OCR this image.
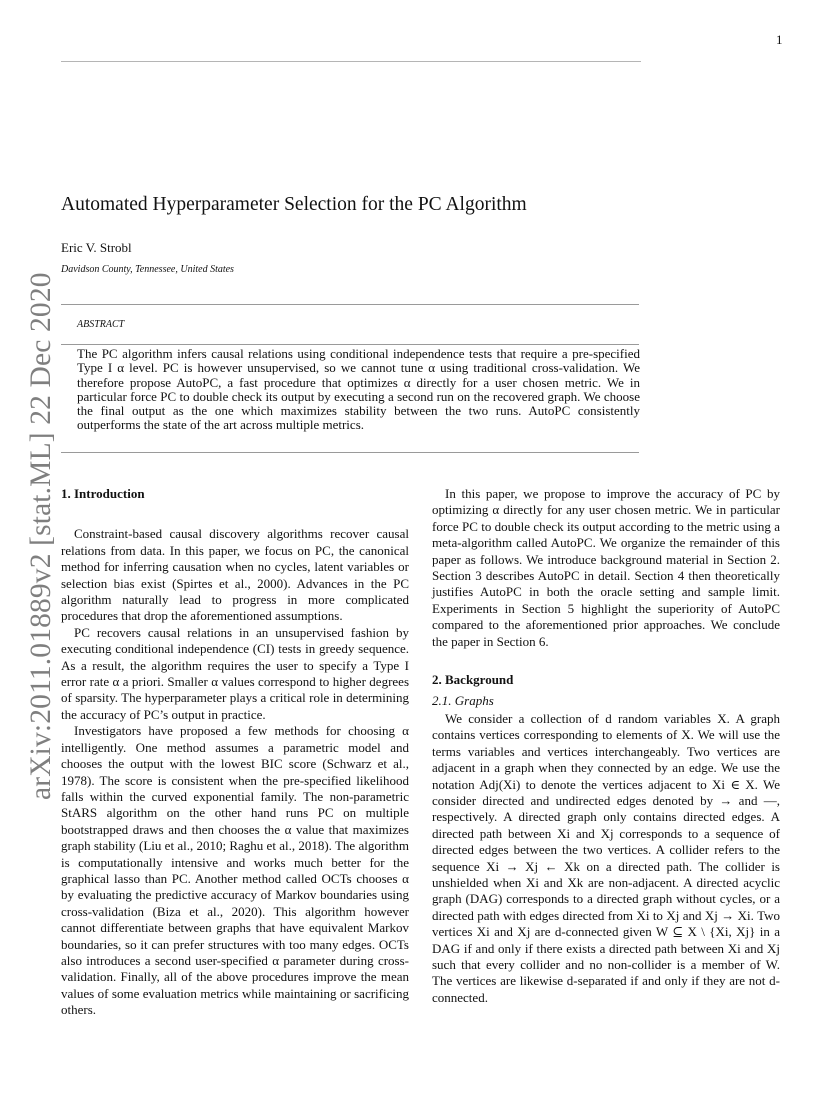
1
arXiv:2011.01889v2 [stat.ML] 22 Dec 2020
Automated Hyperparameter Selection for the PC Algorithm
Eric V. Strobl
Davidson County, Tennessee, United States
ABSTRACT
The PC algorithm infers causal relations using conditional independence tests that require a pre-specified Type I α level. PC is however unsupervised, so we cannot tune α using traditional cross-validation. We therefore propose AutoPC, a fast procedure that optimizes α directly for a user chosen metric. We in particular force PC to double check its output by executing a second run on the recovered graph. We choose the final output as the one which maximizes stability between the two runs. AutoPC consistently outperforms the state of the art across multiple metrics.
1. Introduction

Constraint-based causal discovery algorithms recover causal relations from data. In this paper, we focus on PC, the canonical method for inferring causation when no cycles, latent variables or selection bias exist (Spirtes et al., 2000). Advances in the PC algorithm naturally lead to progress in more complicated procedures that drop the aforementioned assumptions.

PC recovers causal relations in an unsupervised fashion by executing conditional independence (CI) tests in greedy sequence. As a result, the algorithm requires the user to specify a Type I error rate α a priori. Smaller α values correspond to higher degrees of sparsity. The hyperparameter plays a critical role in determining the accuracy of PC’s output in practice.

Investigators have proposed a few methods for choosing α intelligently. One method assumes a parametric model and chooses the output with the lowest BIC score (Schwarz et al., 1978). The score is consistent when the pre-specified likelihood falls within the curved exponential family. The non-parametric StARS algorithm on the other hand runs PC on multiple bootstrapped draws and then chooses the α value that maximizes graph stability (Liu et al., 2010; Raghu et al., 2018). The algorithm is computationally intensive and works much better for the graphical lasso than PC. Another method called OCTs chooses α by evaluating the predictive accuracy of Markov boundaries using cross-validation (Biza et al., 2020). This algorithm however cannot differentiate between graphs that have equivalent Markov boundaries, so it can prefer structures with too many edges. OCTs also introduces a second user-specified α parameter during cross-validation. Finally, all of the above procedures improve the mean values of some evaluation metrics while maintaining or sacrificing others.

In this paper, we propose to improve the accuracy of PC by optimizing α directly for any user chosen metric. We in particular force PC to double check its output according to the metric using a meta-algorithm called AutoPC. We organize the remainder of this paper as follows. We introduce background material in Section 2. Section 3 describes AutoPC in detail. Section 4 then theoretically justifies AutoPC in both the oracle setting and sample limit. Experiments in Section 5 highlight the superiority of AutoPC compared to the aforementioned prior approaches. We conclude the paper in Section 6.

2. Background
2.1. Graphs

We consider a collection of d random variables X. A graph contains vertices corresponding to elements of X. We will use the terms variables and vertices interchangeably. Two vertices are adjacent in a graph when they connected by an edge. We use the notation Adj(Xi) to denote the vertices adjacent to Xi ∈ X. We consider directed and undirected edges denoted by → and —, respectively. A directed graph only contains directed edges. A directed path between Xi and Xj corresponds to a sequence of directed edges between the two vertices. A collider refers to the sequence Xi → Xj ← Xk on a directed path. The collider is unshielded when Xi and Xk are non-adjacent. A directed acyclic graph (DAG) corresponds to a directed graph without cycles, or a directed path with edges directed from Xi to Xj and Xj → Xi. Two vertices Xi and Xj are d-connected given W ⊆ X \ {Xi, Xj} in a DAG if and only if there exists a directed path between Xi and Xj such that every collider and no non-collider is a member of W. The vertices are likewise d-separated if and only if they are not d-connected.
